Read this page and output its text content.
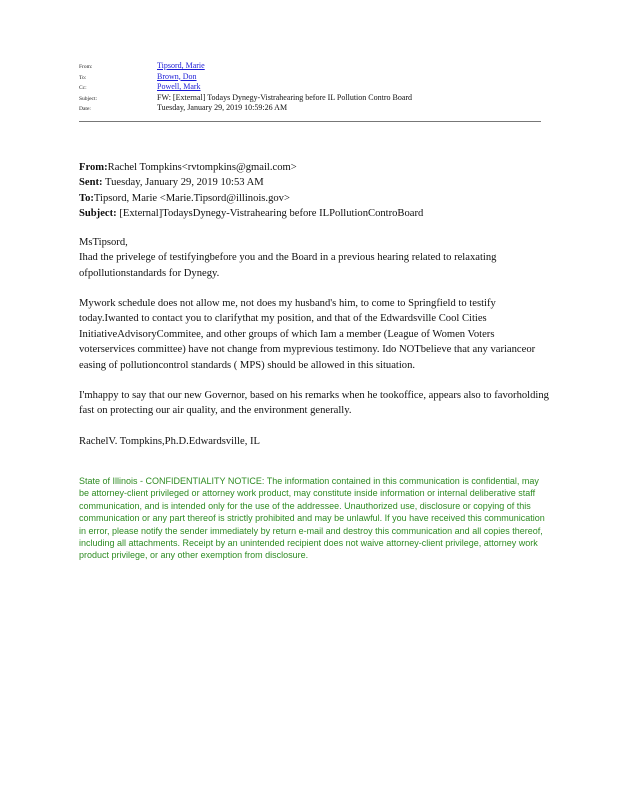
From:	Tipsord, Marie
To:	Brown, Don
Cc:	Powell, Mark
Subject:	FW: [External] Todays Dynegy-Vistrahearing before IL Pollution Contro Board
Date:	Tuesday, January 29, 2019 10:59:26 AM
From:Rachel Tompkins<rvtompkins@gmail.com>
Sent: Tuesday, January 29, 2019 10:53 AM
To:Tipsord, Marie <Marie.Tipsord@illinois.gov>
Subject: [External]TodaysDynegy-Vistrahearing before ILPollutionControBoard

MsTipsord,

Ihad the privelege of testifyingbefore you and the Board in a previous hearing related to relaxating ofpollutionstandards for Dynegy.

Mywork schedule does not allow me, not does my husband's him, to come to Springfield to testify today.Iwanted to contact you to clarifythat my position, and that of the Edwardsville Cool Cities InitiativeAdvisoryCommitee, and other groups of which Iam a member (League of Women Voters voterservices committee) have not change from myprevious testimony. Ido NOTbelieve that any varianceor easing of pollutioncontrol standards ( MPS) should be allowed in this situation.

I'mhappy to say that our new Governor, based on his remarks when he tookoffice, appears also to favorholding fast on protecting our air quality, and the environment generally.

RachelV. Tompkins,Ph.D.Edwardsville, IL

State of Illinois - CONFIDENTIALITY NOTICE: The information contained in this communication is confidential, may be attorney-client privileged or attorney work product, may constitute inside information or internal deliberative staff communication, and is intended only for the use of the addressee. Unauthorized use, disclosure or copying of this communication or any part thereof is strictly prohibited and may be unlawful. If you have received this communication in error, please notify the sender immediately by return e-mail and destroy this communication and all copies thereof, including all attachments. Receipt by an unintended recipient does not waive attorney-client privilege, attorney work product privilege, or any other exemption from disclosure.
